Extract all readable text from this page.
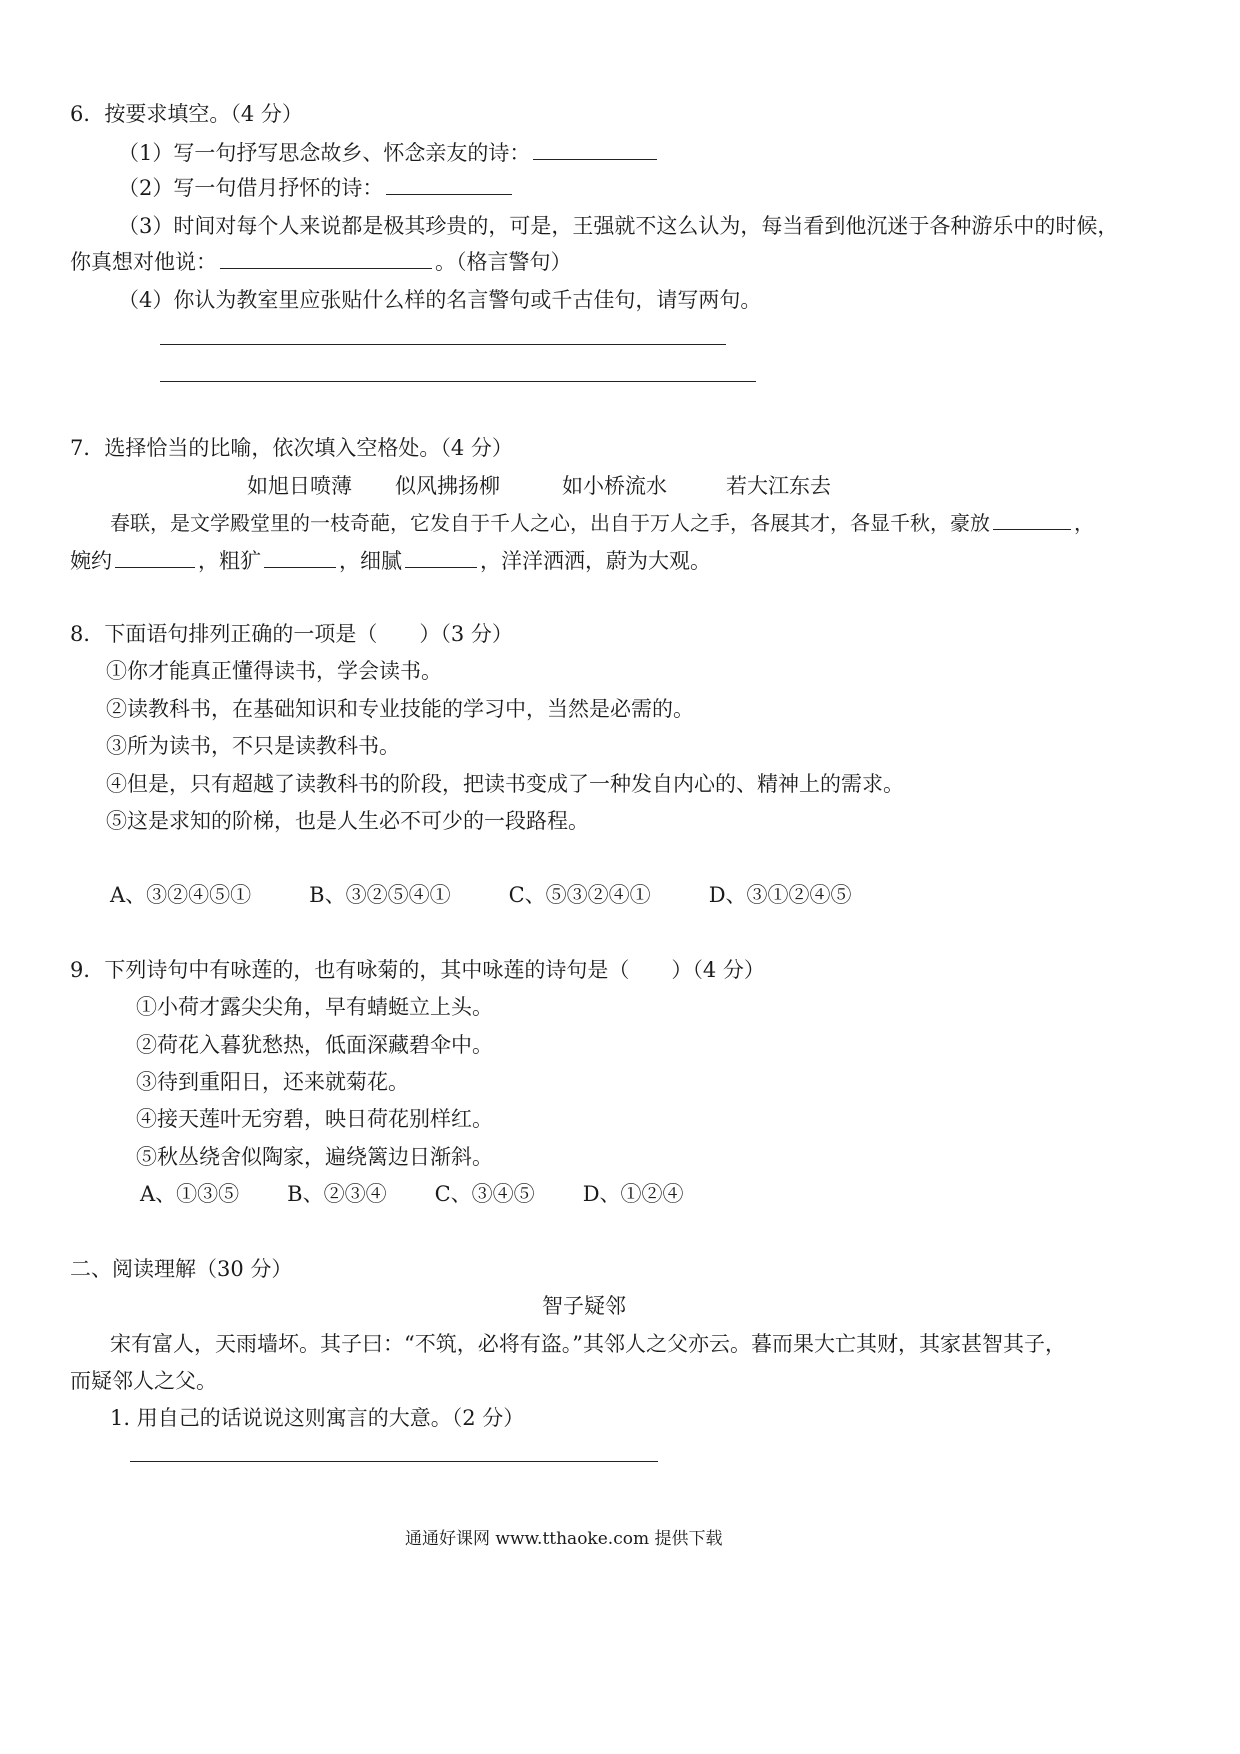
6．按要求填空。（4 分）
（1）写一句抒写思念故乡、怀念亲友的诗：
（2）写一句借月抒怀的诗：
（3）时间对每个人来说都是极其珍贵的，可是，王强就不这么认为，每当看到他沉迷于各种游乐中的时候，
你真想对他说：	。（格言警句）
（4）你认为教室里应张贴什么样的名言警句或千古佳句，请写两句。
7．选择恰当的比喻，依次填入空格处。（4 分）
如旭日喷薄 似风拂扬柳	如小桥流水	若大江东去
春联，是文学殿堂里的一枝奇葩，它发自于千人之心，出自于万人之手，各展其才，各显千秋，豪放	，
婉约	，粗犷	，细腻	，洋洋洒洒，蔚为大观。
8．下面语句排列正确的一项是（　　）（3 分）
①你才能真正懂得读书，学会读书。
②读教科书，在基础知识和专业技能的学习中，当然是必需的。
③所为读书，不只是读教科书。
④但是，只有超越了读教科书的阶段，把读书变成了一种发自内心的、精神上的需求。
⑤这是求知的阶梯，也是人生必不可少的一段路程。
A、③②④⑤①	B、③②⑤④①	C、⑤③②④①	D、③①②④⑤
9．下列诗句中有咏莲的，也有咏菊的，其中咏莲的诗句是（　　）（4 分）
①小荷才露尖尖角，早有蜻蜓立上头。
②荷花入暮犹愁热，低面深藏碧伞中。
③待到重阳日，还来就菊花。
④接天莲叶无穷碧，映日荷花别样红。
⑤秋丛绕舍似陶家，遍绕篱边日渐斜。
A、①③⑤ B、②③④ C、③④⑤ D、①②④
二、阅读理解（30 分）
智子疑邻
宋有富人，天雨墙坏。其子曰：“不筑，必将有盗。”其邻人之父亦云。暮而果大亡其财，其家甚智其子，
而疑邻人之父。
1. 用自己的话说说这则寓言的大意。（2 分）
通通好课网 www.tthaoke.com 提供下载
